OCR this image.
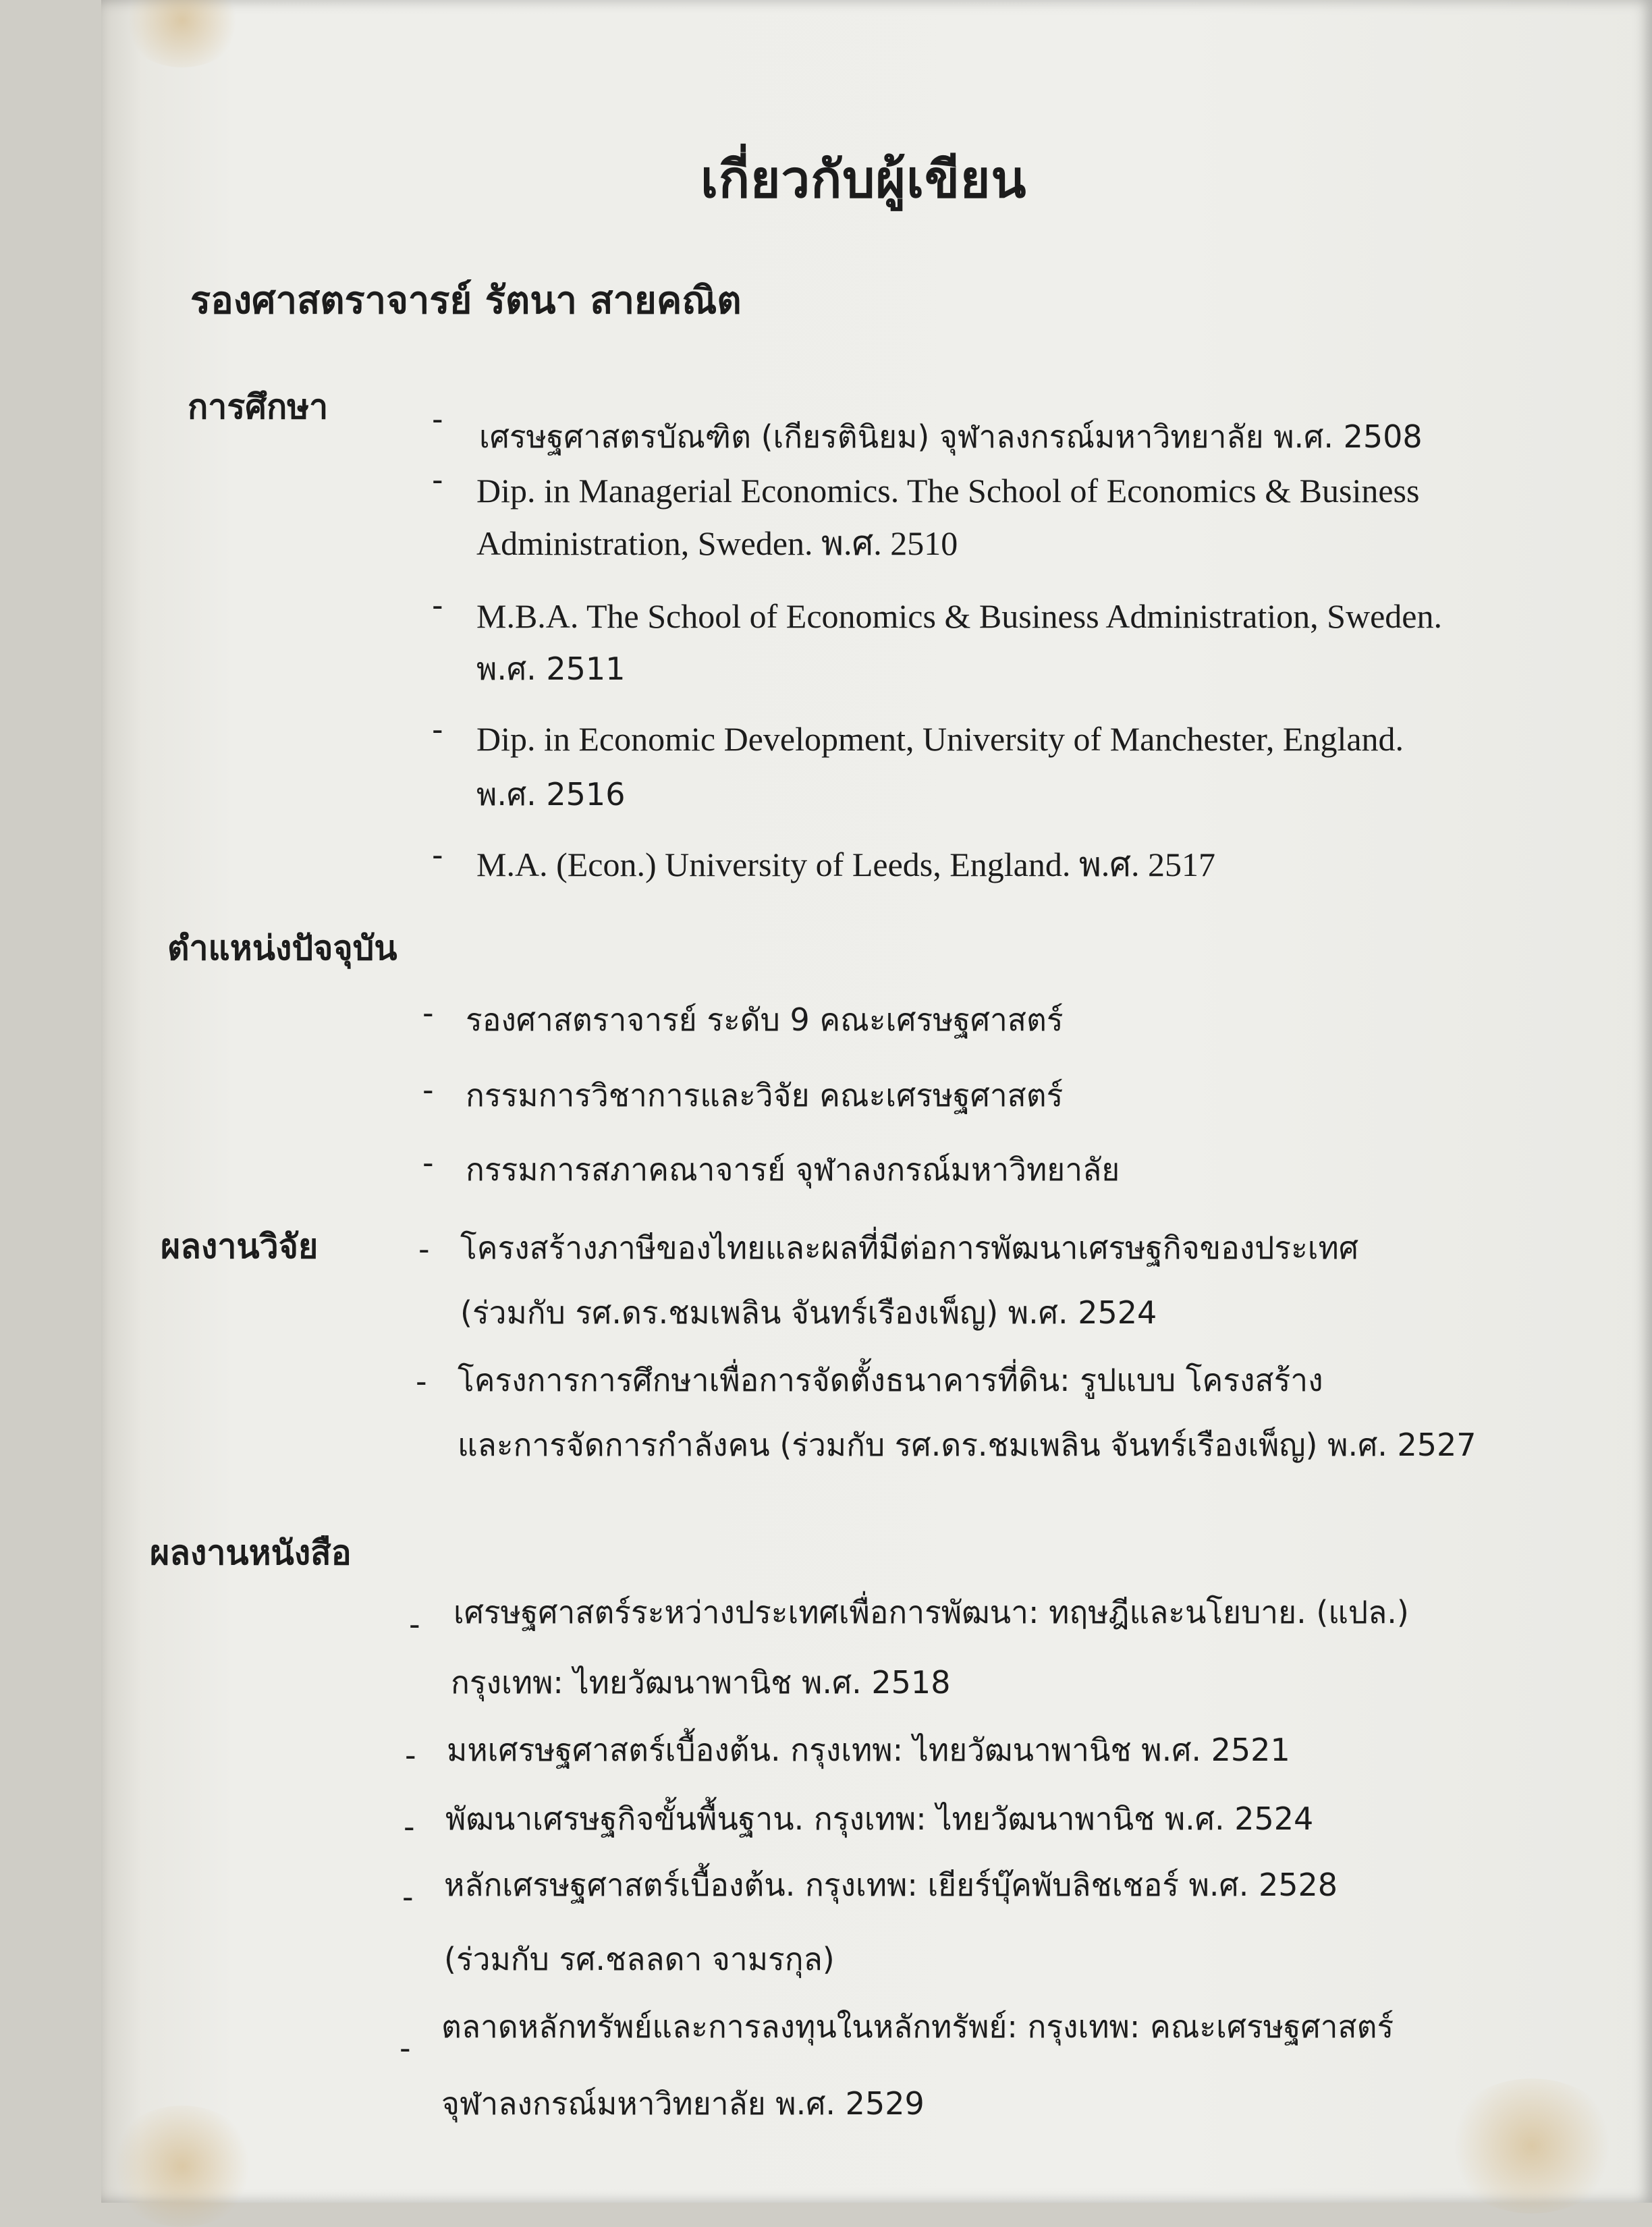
เกี่ยวกับผู้เขียน
รองศาสตราจารย์ รัตนา สายคณิต
การศึกษา	- เศรษฐศาสตรบัณฑิต (เกียรตินิยม) จุฬาลงกรณ์มหาวิทยาลัย พ.ศ. 2508
- Dip. in Managerial Economics. The School of Economics & Business
Administration, Sweden. พ.ศ. 2510
- M.B.A. The School of Economics & Business Administration, Sweden.
พ.ศ. 2511
- Dip. in Economic Development, University of Manchester, England.
พ.ศ. 2516
- M.A. (Econ.) University of Leeds, England. พ.ศ. 2517
ตำแหน่งปัจจุบัน
- รองศาสตราจารย์ ระดับ 9 คณะเศรษฐศาสตร์
- กรรมการวิชาการและวิจัย คณะเศรษฐศาสตร์
- กรรมการสภาคณาจารย์ จุฬาลงกรณ์มหาวิทยาลัย
ผลงานวิจัย	- โครงสร้างภาษีของไทยและผลที่มีต่อการพัฒนาเศรษฐกิจของประเทศ
(ร่วมกับ รศ.ดร.ชมเพลิน จันทร์เรืองเพ็ญ) พ.ศ. 2524
- โครงการการศึกษาเพื่อการจัดตั้งธนาคารที่ดิน: รูปแบบ โครงสร้าง
และการจัดการกำลังคน (ร่วมกับ รศ.ดร.ชมเพลิน จันทร์เรืองเพ็ญ) พ.ศ. 2527
ผลงานหนังสือ
- เศรษฐศาสตร์ระหว่างประเทศเพื่อการพัฒนา: ทฤษฎีและนโยบาย. (แปล.)
กรุงเทพ: ไทยวัฒนาพานิช พ.ศ. 2518
- มหเศรษฐศาสตร์เบื้องต้น. กรุงเทพ: ไทยวัฒนาพานิช พ.ศ. 2521
- พัฒนาเศรษฐกิจขั้นพื้นฐาน. กรุงเทพ: ไทยวัฒนาพานิช พ.ศ. 2524
- หลักเศรษฐศาสตร์เบื้องต้น. กรุงเทพ: เยียร์บุ๊คพับลิชเชอร์ พ.ศ. 2528
(ร่วมกับ รศ.ชลลดา จามรกุล)
-
ตลาดหลักทรัพย์และการลงทุนในหลักทรัพย์: กรุงเทพ: คณะเศรษฐศาสตร์
จุฬาลงกรณ์มหาวิทยาลัย พ.ศ. 2529
